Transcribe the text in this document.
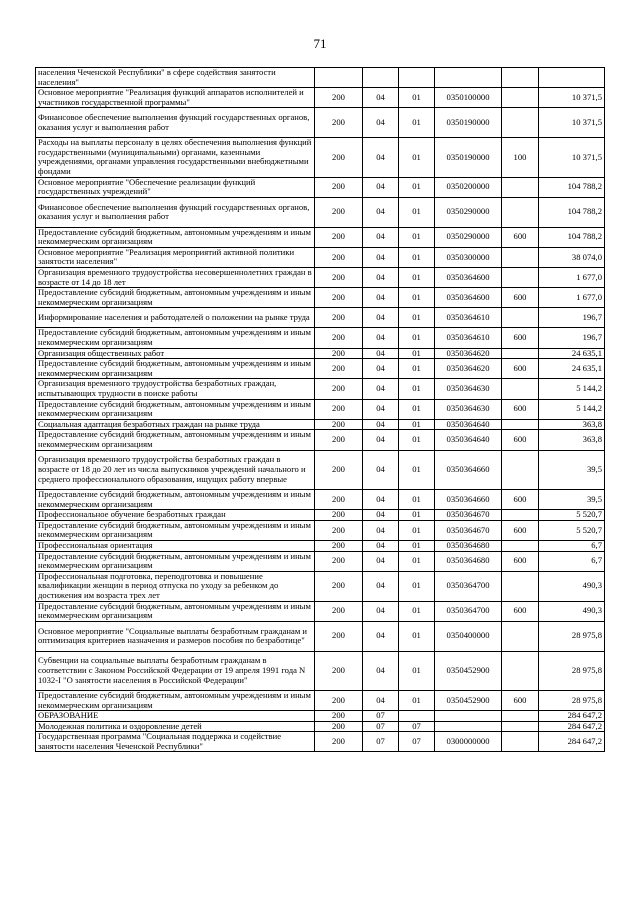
71
населения Чеченской Республики" в сфере содействия занятости населения"						
Основное мероприятие "Реализация функций аппаратов исполнителей и участников государственной программы"	200	04	01	0350100000		10 371,5
Финансовое обеспечение выполнения функций государственных органов, оказания услуг и выполнения работ	200	04	01	0350190000		10 371,5
Расходы на выплаты персоналу в целях обеспечения выполнения функций государственными (муниципальными) органами, казенными учреждениями, органами управления государственными внебюджетными фондами	200	04	01	0350190000	100	10 371,5
Основное мероприятие "Обеспечение реализации функций государственных учреждений"	200	04	01	0350200000		104 788,2
Финансовое обеспечение выполнения функций государственных органов, оказания услуг и выполнения работ	200	04	01	0350290000		104 788,2
Предоставление субсидий бюджетным, автономным учреждениям и иным некоммерческим организациям	200	04	01	0350290000	600	104 788,2
Основное мероприятие "Реализация мероприятий активной политики занятости населения"	200	04	01	0350300000		38 074,0
Организация временного трудоустройства несовершеннолетних граждан в возрасте от 14 до 18 лет	200	04	01	0350364600		1 677,0
Предоставление субсидий бюджетным, автономным учреждениям и иным некоммерческим организациям	200	04	01	0350364600	600	1 677,0
Информирование населения и работодателей о положении на рынке труда	200	04	01	0350364610		196,7
Предоставление субсидий бюджетным, автономным учреждениям и иным некоммерческим организациям	200	04	01	0350364610	600	196,7
Организация общественных работ	200	04	01	0350364620		24 635,1
Предоставление субсидий бюджетным, автономным учреждениям и иным некоммерческим организациям	200	04	01	0350364620	600	24 635,1
Организация временного трудоустройства безработных граждан, испытывающих трудности в поиске работы	200	04	01	0350364630		5 144,2
Предоставление субсидий бюджетным, автономным учреждениям и иным некоммерческим организациям	200	04	01	0350364630	600	5 144,2
Социальная адаптация безработных граждан на рынке труда	200	04	01	0350364640		363,8
Предоставление субсидий бюджетным, автономным учреждениям и иным некоммерческим организациям	200	04	01	0350364640	600	363,8
Организация временного трудоустройства безработных граждан в возрасте от 18 до 20 лет из числа выпускников учреждений начального и среднего профессионального образования, ищущих работу впервые	200	04	01	0350364660		39,5
Предоставление субсидий бюджетным, автономным учреждениям и иным некоммерческим организациям	200	04	01	0350364660	600	39,5
Профессиональное обучение безработных граждан	200	04	01	0350364670		5 520,7
Предоставление субсидий бюджетным, автономным учреждениям и иным некоммерческим организациям	200	04	01	0350364670	600	5 520,7
Профессиональная ориентация	200	04	01	0350364680		6,7
Предоставление субсидий бюджетным, автономным учреждениям и иным некоммерческим организациям	200	04	01	0350364680	600	6,7
Профессиональная подготовка, переподготовка и повышение квалификации женщин в период отпуска по уходу за ребенком до достижения им возраста трех лет	200	04	01	0350364700		490,3
Предоставление субсидий бюджетным, автономным учреждениям и иным некоммерческим организациям	200	04	01	0350364700	600	490,3
Основное мероприятие "Социальные выплаты безработным гражданам и оптимизация критериев назначения и размеров пособия по безработице"	200	04	01	0350400000		28 975,8
Субвенции на социальные выплаты безработным гражданам в соответствии с Законом Российской Федерации от 19 апреля 1991 года N 1032-I "О занятости населения в Российской Федерации"	200	04	01	0350452900		28 975,8
Предоставление субсидий бюджетным, автономным учреждениям и иным некоммерческим организациям	200	04	01	0350452900	600	28 975,8
ОБРАЗОВАНИЕ	200	07				284 647,2
Молодежная политика и оздоровление детей	200	07	07			284 647,2
Государственная программа "Социальная поддержка и содействие занятости населения Чеченской Республики"	200	07	07	0300000000		284 647,2
